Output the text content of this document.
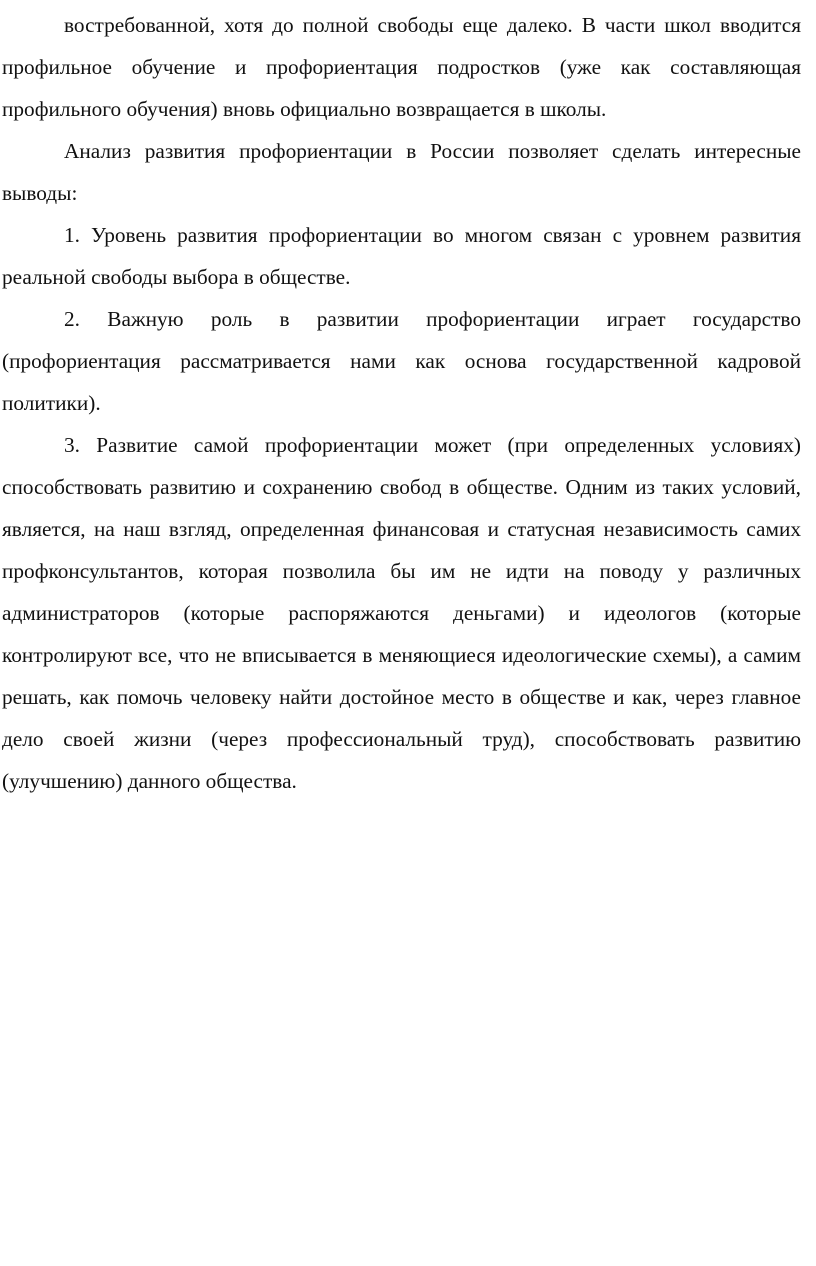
востребованной, хотя до полной свободы еще далеко. В части школ вводится профильное обучение и профориентация подростков (уже как составляющая профильного обучения) вновь официально возвращается в школы.

Анализ развития профориентации в России позволяет сделать интересные выводы:

1. Уровень развития профориентации во многом связан с уровнем развития реальной свободы выбора в обществе.

2. Важную роль в развитии профориентации играет государство (профориентация рассматривается нами как основа государственной кадровой политики).

3. Развитие самой профориентации может (при определенных условиях) способствовать развитию и сохранению свобод в обществе. Одним из таких условий, является, на наш взгляд, определенная финансовая и статусная независимость самих профконсультантов, которая позволила бы им не идти на поводу у различных администраторов (которые распоряжаются деньгами) и идеологов (которые контролируют все, что не вписывается в меняющиеся идеологические схемы), а самим решать, как помочь человеку найти достойное место в обществе и как, через главное дело своей жизни (через профессиональный труд), способствовать развитию (улучшению) данного общества.
